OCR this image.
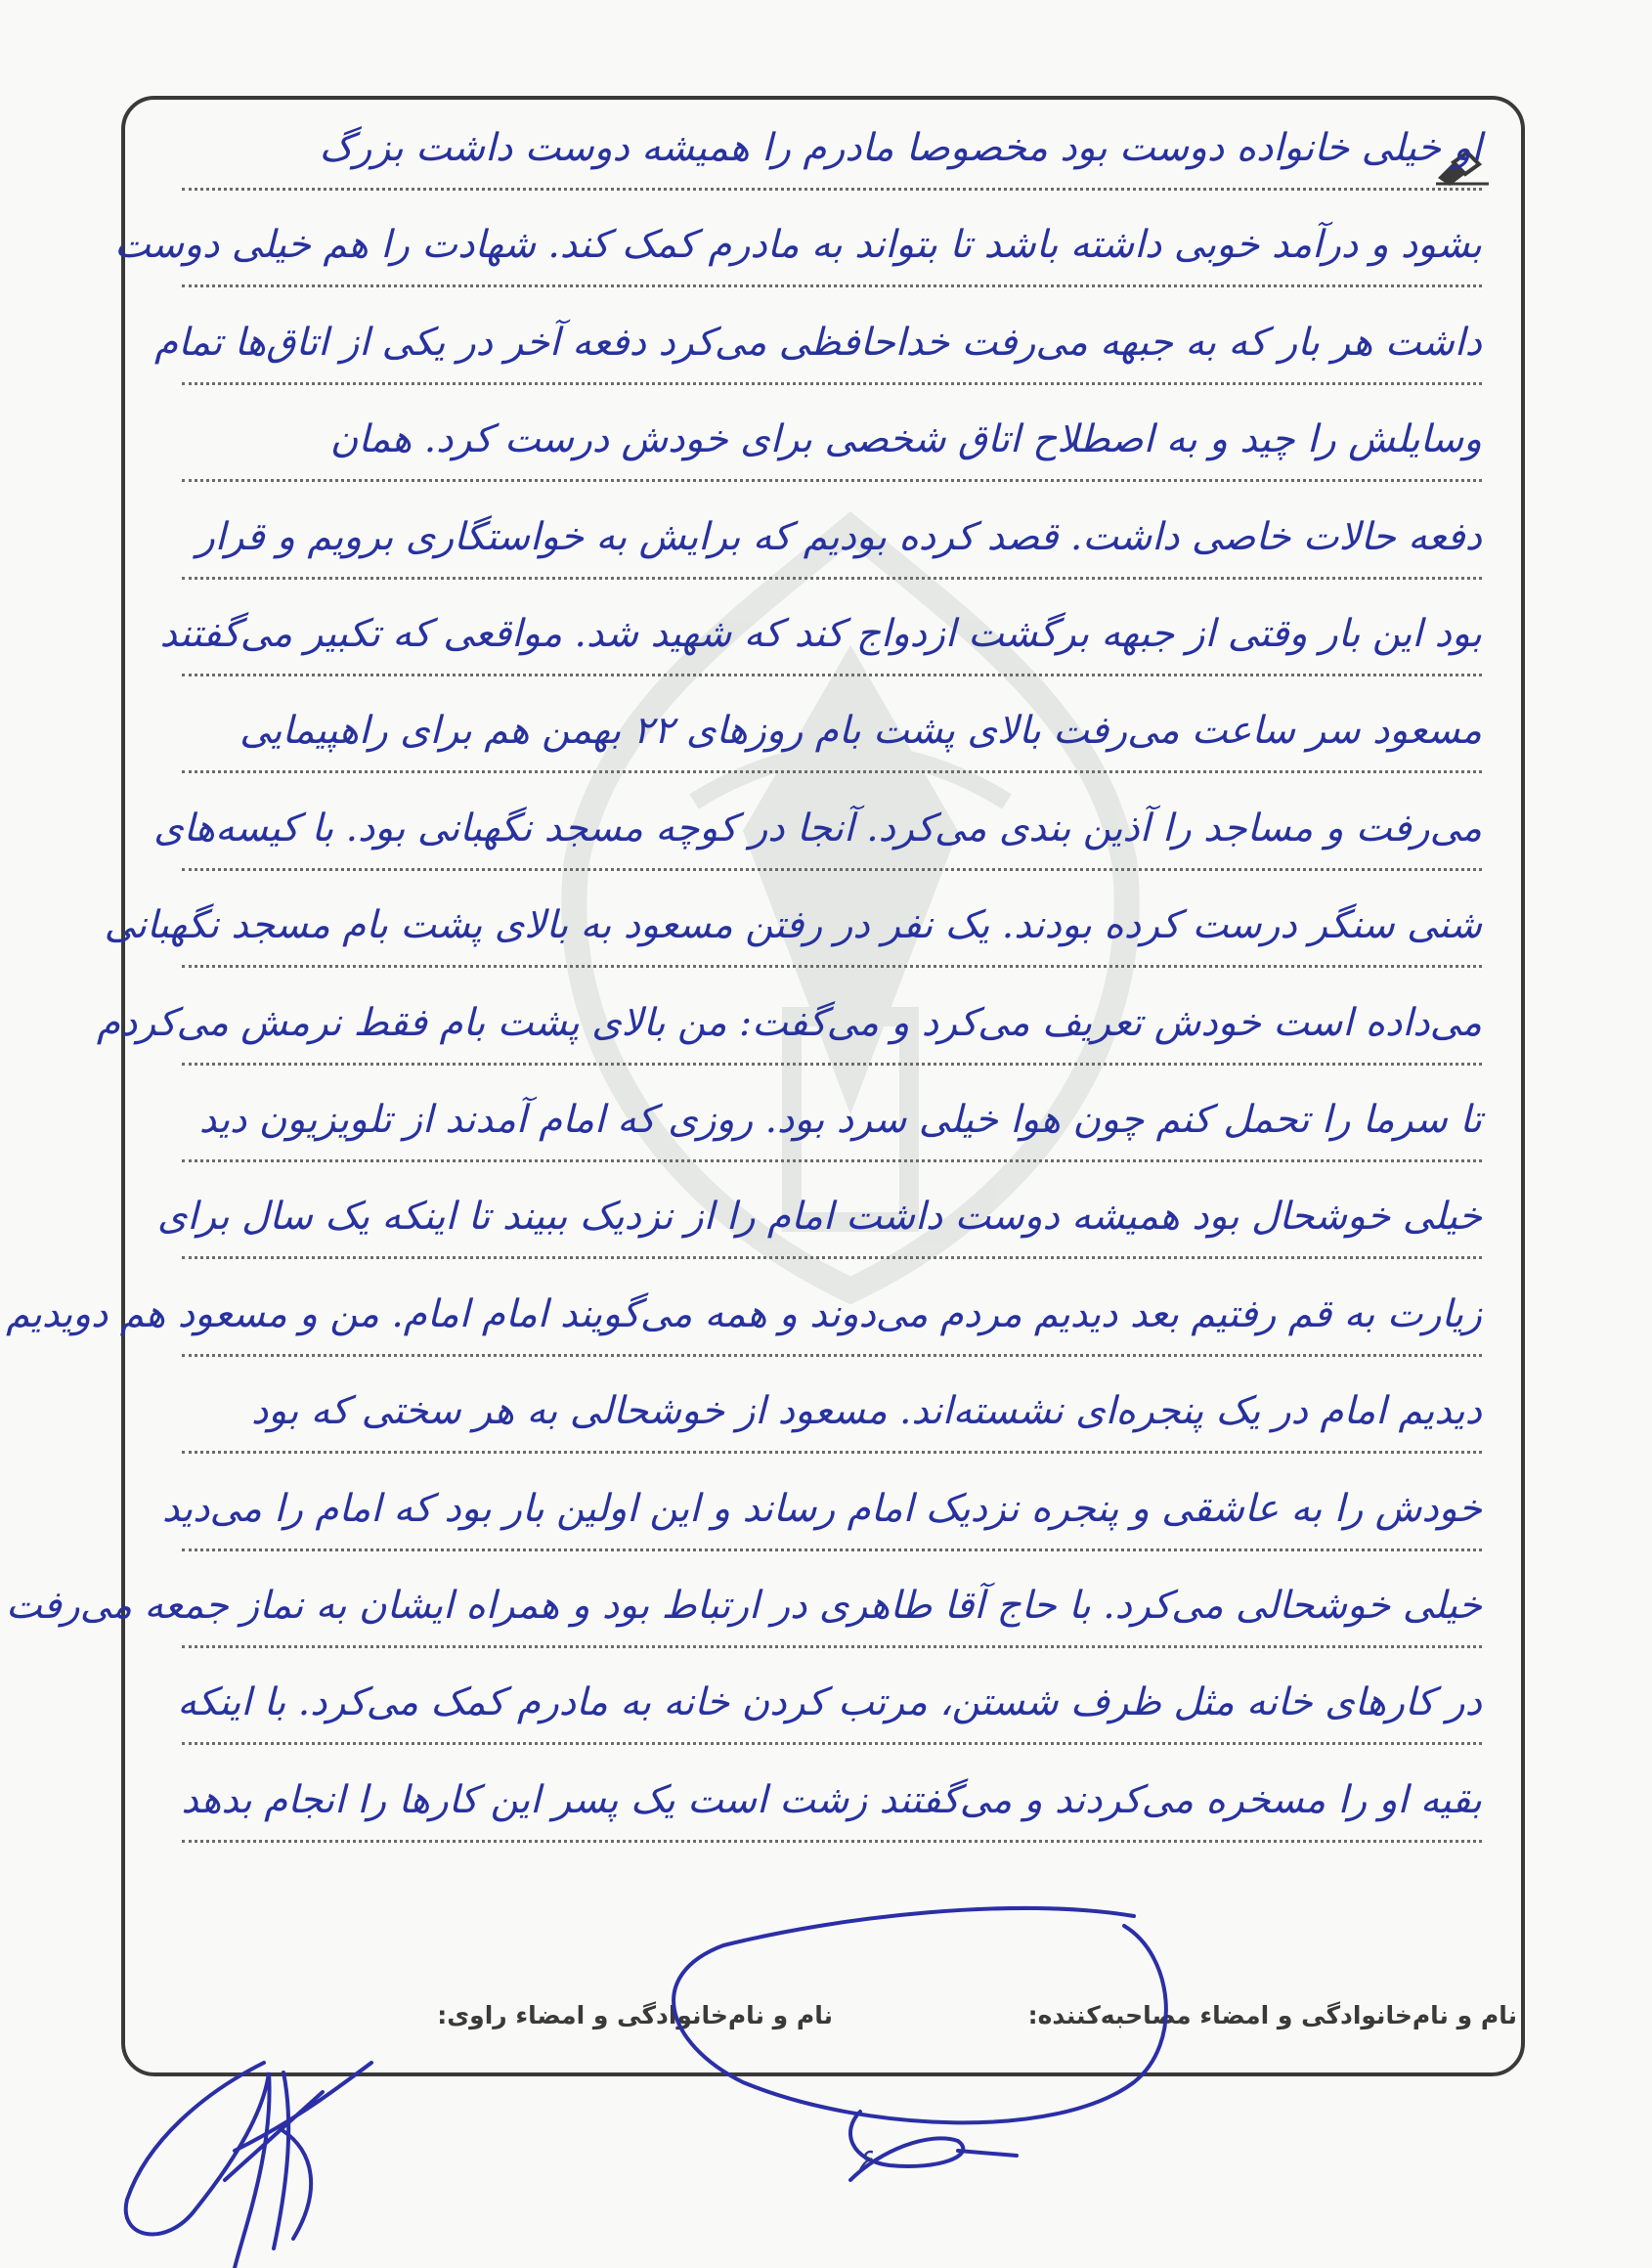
او خیلی خانواده دوست بود مخصوصا مادرم را همیشه دوست داشت بزرگ
بشود و درآمد خوبی داشته باشد تا بتواند به مادرم کمک کند. شهادت را هم خیلی دوست
داشت هر بار که به جبهه می‌رفت خداحافظی می‌کرد دفعه آخر در یکی از اتاق‌ها تمام
وسایلش را چید و به اصطلاح اتاق شخصی برای خودش درست کرد. همان
دفعه حالات خاصی داشت. قصد کرده بودیم که برایش به خواستگاری برویم و قرار
بود این بار وقتی از جبهه برگشت ازدواج کند که شهید شد. مواقعی که تکبیر می‌گفتند
مسعود سر ساعت می‌رفت بالای پشت بام روزهای ۲۲ بهمن هم برای راهپیمایی
می‌رفت و مساجد را آذین بندی می‌کرد. آنجا در کوچه مسجد نگهبانی بود. با کیسه‌های
شنی سنگر درست کرده بودند. یک نفر در رفتن مسعود به بالای پشت بام مسجد نگهبانی
می‌داده است خودش تعریف می‌کرد و می‌گفت: من بالای پشت بام فقط نرمش می‌کردم
تا سرما را تحمل کنم چون هوا خیلی سرد بود. روزی که امام آمدند از تلویزیون دید
خیلی خوشحال بود همیشه دوست داشت امام را از نزدیک ببیند تا اینکه یک سال برای
زیارت به قم رفتیم بعد دیدیم مردم می‌دوند و همه می‌گویند امام امام. من و مسعود هم دویدیم
دیدیم امام در یک پنجره‌ای نشسته‌اند. مسعود از خوشحالی به هر سختی که بود
خودش را به عاشقی و پنجره نزدیک امام رساند و این اولین بار بود که امام را می‌دید
خیلی خوشحالی می‌کرد. با حاج آقا طاهری در ارتباط بود و همراه ایشان به نماز جمعه می‌رفت
در کارهای خانه مثل ظرف شستن، مرتب کردن خانه به مادرم کمک می‌کرد. با اینکه
بقیه او را مسخره می‌کردند و می‌گفتند زشت است یک پسر این کارها را انجام بدهد
نام و نام‌خانوادگی و امضاء مصاحبه‌کننده:
نام و نام‌خانوادگی و امضاء راوی:
۶
